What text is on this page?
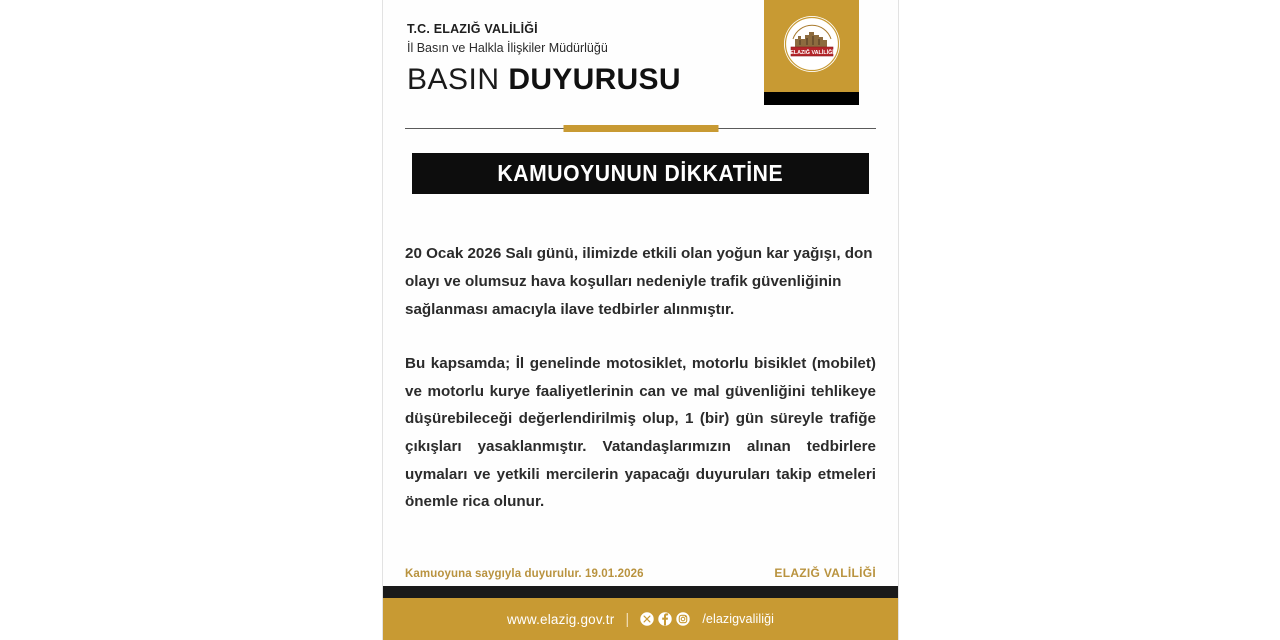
T.C. ELAZIĞ VALİLİĞİ
İl Basın ve Halkla İlişkiler Müdürlüğü
BASIN DUYURUSU
ELAZIĞ VALİLİĞİ
KAMUOYUNUN DİKKATİNE

20 Ocak 2026 Salı günü, ilimizde etkili olan yoğun kar yağışı, don olayı ve olumsuz hava koşulları nedeniyle trafik güvenliğinin sağlanması amacıyla ilave tedbirler alınmıştır.

Bu kapsamda; İl genelinde motosiklet, motorlu bisiklet (mobilet) ve motorlu kurye faaliyetlerinin can ve mal güvenliğini tehlikeye düşürebileceği değerlendirilmiş olup, 1 (bir) gün süreyle trafiğe çıkışları yasaklanmıştır. Vatandaşlarımızın alınan tedbirlere uymaları ve yetkili mercilerin yapacağı duyuruları takip etmeleri önemle rica olunur.

Kamuoyuna saygıyla duyurulur. 19.01.2026	ELAZIĞ VALİLİĞİ
www.elazig.gov.tr |	/elazigvaliliği
